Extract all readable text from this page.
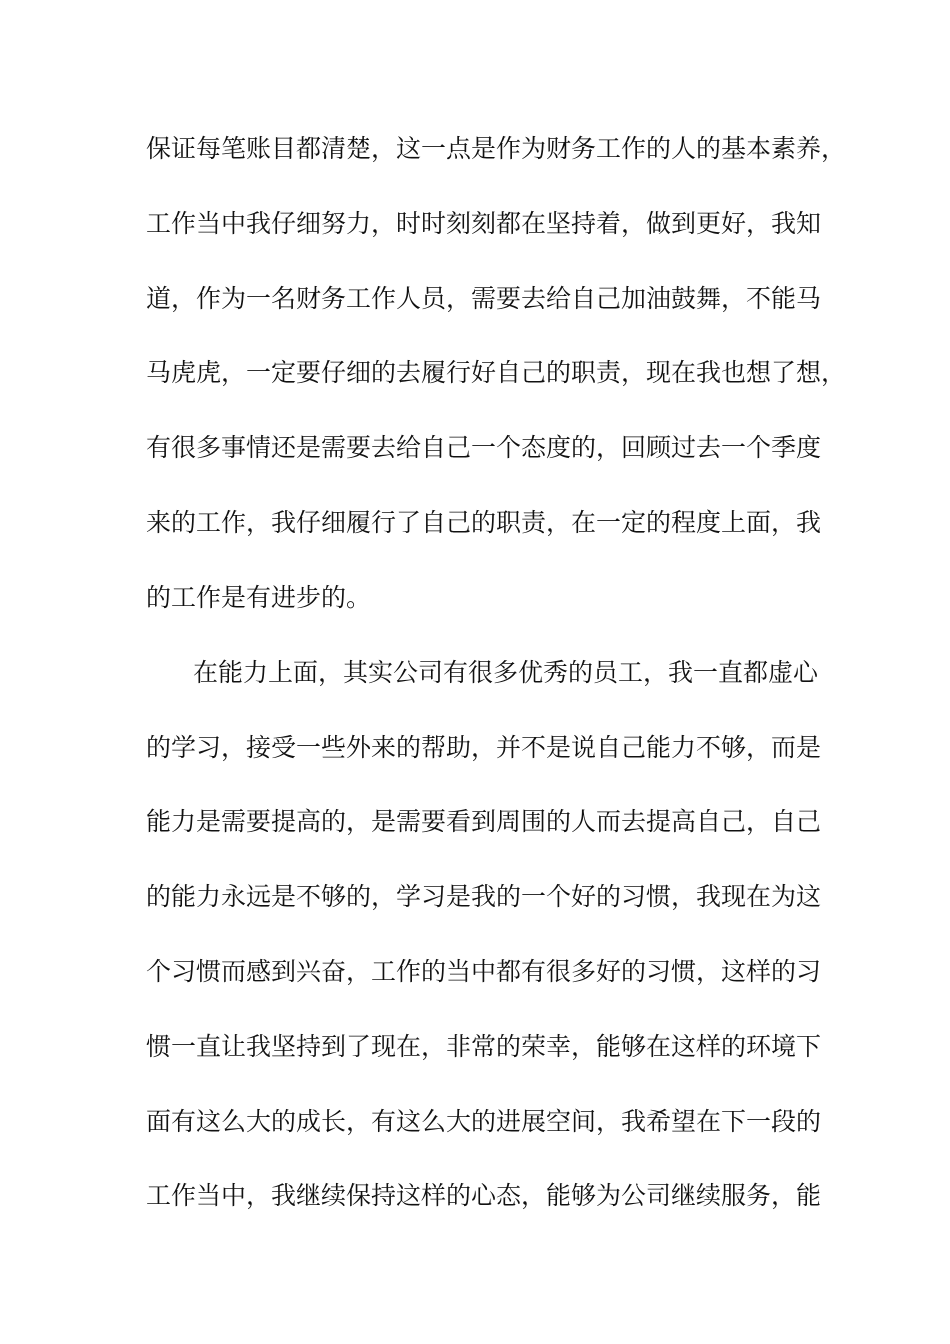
保证每笔账目都清楚，这一点是作为财务工作的人的基本素养，
工作当中我仔细努力，时时刻刻都在坚持着，做到更好，我知
道，作为一名财务工作人员，需要去给自己加油鼓舞，不能马
马虎虎，一定要仔细的去履行好自己的职责，现在我也想了想，
有很多事情还是需要去给自己一个态度的，回顾过去一个季度
来的工作，我仔细履行了自己的职责，在一定的程度上面，我
的工作是有进步的。
在能力上面，其实公司有很多优秀的员工，我一直都虚心
的学习，接受一些外来的帮助，并不是说自己能力不够，而是
能力是需要提高的，是需要看到周围的人而去提高自己，自己
的能力永远是不够的，学习是我的一个好的习惯，我现在为这
个习惯而感到兴奋，工作的当中都有很多好的习惯，这样的习
惯一直让我坚持到了现在，非常的荣幸，能够在这样的环境下
面有这么大的成长，有这么大的进展空间，我希望在下一段的
工作当中，我继续保持这样的心态，能够为公司继续服务，能
